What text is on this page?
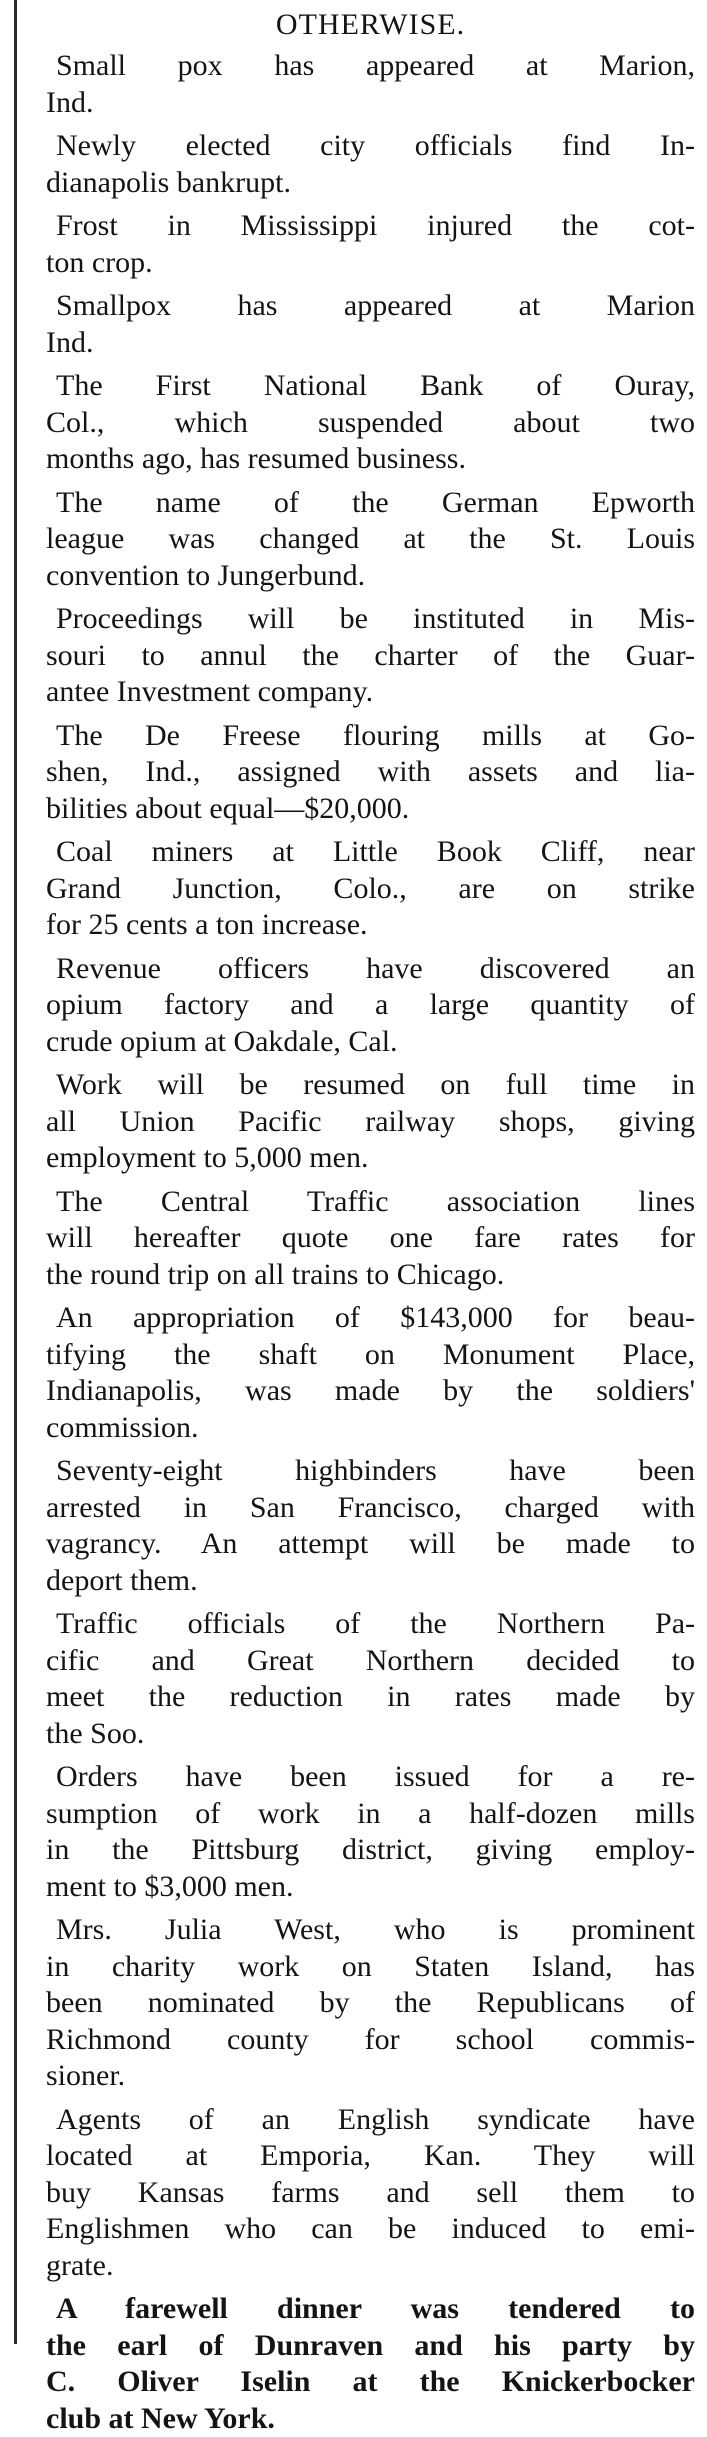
OTHERWISE.
Small pox has appeared at Marion,
Ind.
Newly elected city officials find In-
dianapolis bankrupt.
Frost in Mississippi injured the cot-
ton crop.
Smallpox has appeared at Marion
Ind.
The First National Bank of Ouray,
Col., which suspended about two
months ago, has resumed business.
The name of the German Epworth
league was changed at the St. Louis
convention to Jungerbund.
Proceedings will be instituted in Mis-
souri to annul the charter of the Guar-
antee Investment company.
The De Freese flouring mills at Go-
shen, Ind., assigned with assets and lia-
bilities about equal—$20,000.
Coal miners at Little Book Cliff, near
Grand Junction, Colo., are on strike
for 25 cents a ton increase.
Revenue officers have discovered an
opium factory and a large quantity of
crude opium at Oakdale, Cal.
Work will be resumed on full time in
all Union Pacific railway shops, giving
employment to 5,000 men.
The Central Traffic association lines
will hereafter quote one fare rates for
the round trip on all trains to Chicago.
An appropriation of $143,000 for beau-
tifying the shaft on Monument Place,
Indianapolis, was made by the soldiers'
commission.
Seventy-eight highbinders have been
arrested in San Francisco, charged with
vagrancy. An attempt will be made to
deport them.
Traffic officials of the Northern Pa-
cific and Great Northern decided to
meet the reduction in rates made by
the Soo.
Orders have been issued for a re-
sumption of work in a half-dozen mills
in the Pittsburg district, giving employ-
ment to $3,000 men.
Mrs. Julia West, who is prominent
in charity work on Staten Island, has
been nominated by the Republicans of
Richmond county for school commis-
sioner.
Agents of an English syndicate have
located at Emporia, Kan. They will
buy Kansas farms and sell them to
Englishmen who can be induced to emi-
grate.
A farewell dinner was tendered to
the earl of Dunraven and his party by
C. Oliver Iselin at the Knickerbocker
club at New York.
